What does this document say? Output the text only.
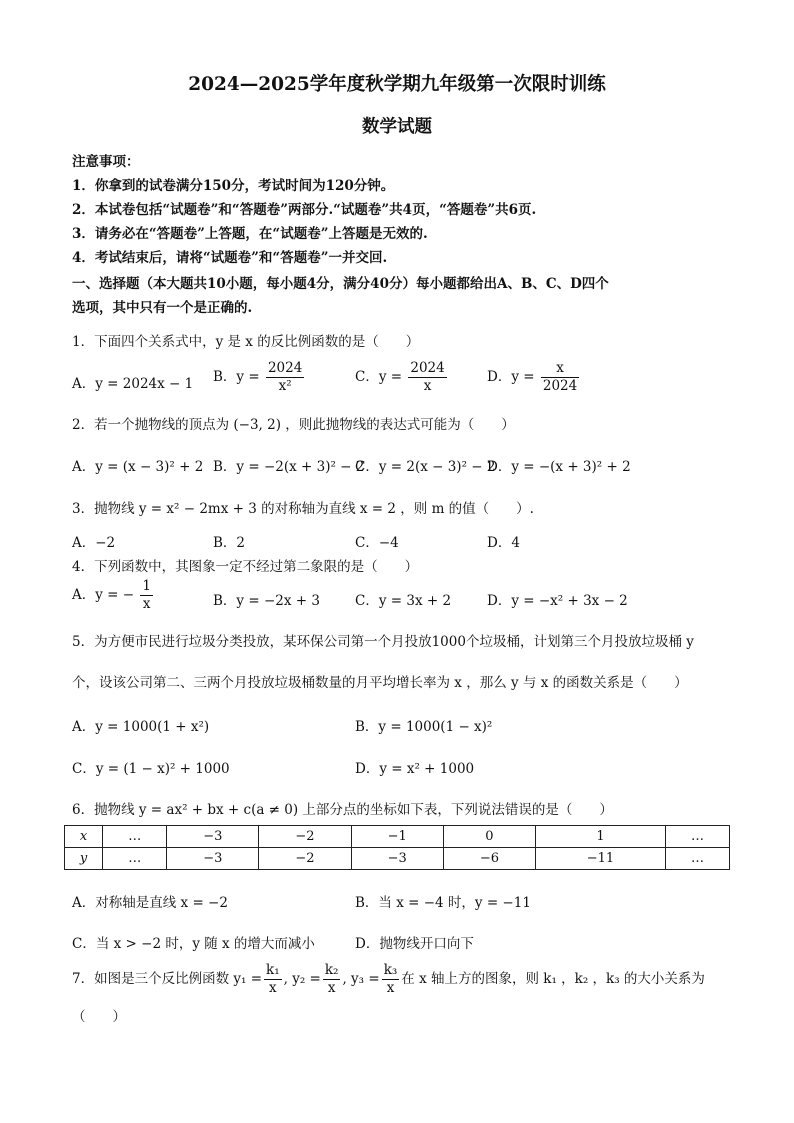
2024—2025学年度秋学期九年级第一次限时训练
数学试题
注意事项：
1．你拿到的试卷满分150分，考试时间为120分钟。
2．本试卷包括“试题卷”和“答题卷”两部分.“试题卷”共4页，“答题卷”共6页.
3．请务必在“答题卷”上答题，在“试题卷”上答题是无效的.
4．考试结束后，请将“试题卷”和“答题卷”一并交回.
一、选择题（本大题共10小题，每小题4分，满分40分）每小题都给出A、B、C、D四个
选项，其中只有一个是正确的.
1．下面四个关系式中，y 是 x 的反比例函数的是（　　）
A．y = 2024x − 1 B．$y = \frac{2024}{\text{x²}}$	C．$y = \frac{2024}{x}$	D．$y = \frac{x}{2024}$
2．若一个抛物线的顶点为 (−3, 2) ，则此抛物线的表达式可能为（　　）
A．y = (x − 3)² + 2 B．y = −2(x + 3)² − 2
C．y = 2(x − 3)² − 2
D．y = −(x + 3)² + 2
3．抛物线 y = x² − 2mx + 3 的对称轴为直线 x = 2 ，则 m 的值（　　）.
A．−2	B．2	C．−4	D．4
4．下列函数中，其图象一定不经过第二象限的是（　　）
A．y = − $\frac{1}{x}$	B．y = −2x + 3	C．y = 3x + 2	D．y = −x² + 3x − 2
5．为方便市民进行垃圾分类投放，某环保公司第一个月投放1000个垃圾桶，计划第三个月投放垃圾桶 y
个，设该公司第二、三两个月投放垃圾桶数量的月平均增长率为 x ，那么 y 与 x 的函数关系是（　　）
A．y = 1000(1 + x²)	B．y = 1000(1 − x)²
C．y = (1 − x)² + 1000	D．y = x² + 1000
6．抛物线 y = ax² + bx + c(a ≠ 0) 上部分点的坐标如下表，下列说法错误的是（　　）
x	…	−3	−2	−1	0	1	…
y	…	−3	−2	−3	−6	−11	…
A．对称轴是直线 x = −2	B．当 x = −4 时，y = −11
C．当 x > −2 时，y 随 x 的增大而减小	D．抛物线开口向下
7．如图是三个反比例函数 $y_1 = \frac{\text{k₁}}{x}$ , $y_2 = \frac{\text{k₂}}{x}$ , $y_3 = \frac{\text{k₃}}{x}$ 在 x 轴上方的图象，则 k₁ ，k₂ ，k₃ 的大小关系为
（　　）
